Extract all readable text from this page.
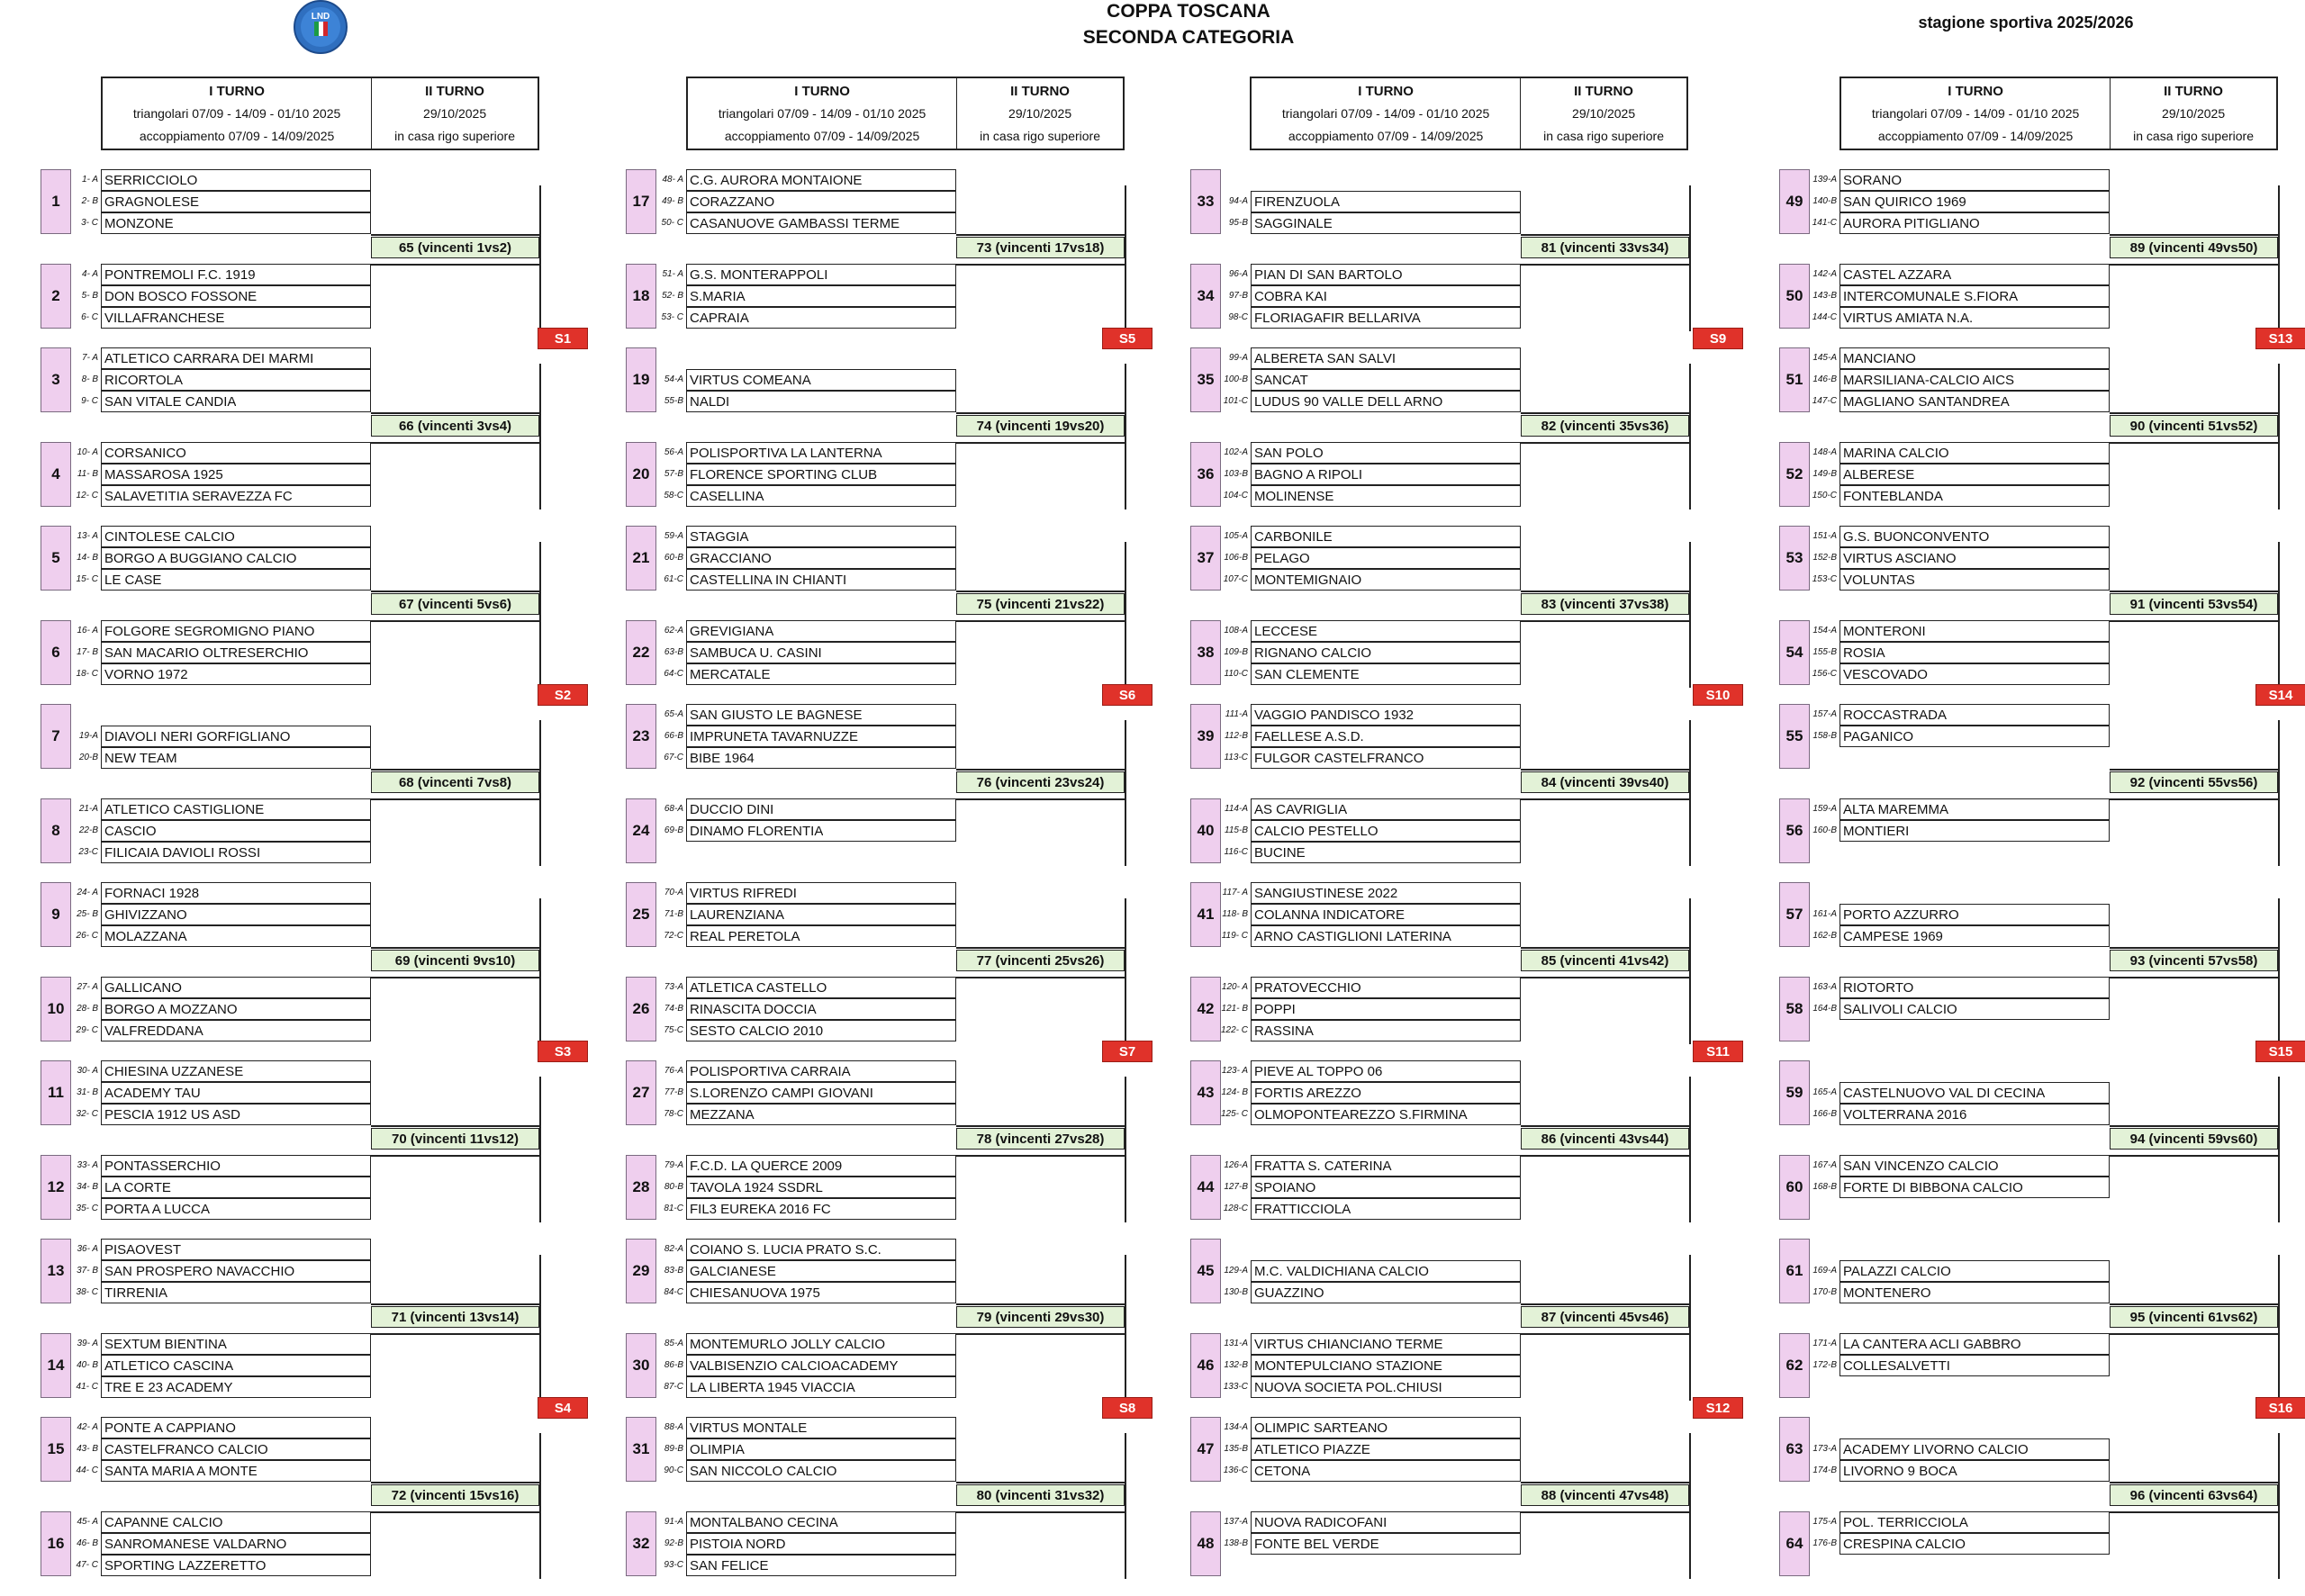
LND	COPPA TOSCANA
SECONDA CATEGORIA
stagione sportiva 2025/2026
I TURNO
triangolari 07/09 - 14/09 - 01/10 2025
accoppiamento 07/09 - 14/09/2025
II TURNO
29/10/2025
in casa rigo superiore
1
1- A SERRICCIOLO
2- B GRAGNOLESE
3- C MONZONE
2
4- A PONTREMOLI F.C. 1919
5- B DON BOSCO FOSSONE
6- C VILLAFRANCHESE
3
7- A ATLETICO CARRARA DEI MARMI
8- B RICORTOLA
9- C SAN VITALE CANDIA
4
10- A CORSANICO
11- B MASSAROSA 1925
12- C SALAVETITIA SERAVEZZA FC
5
13- A CINTOLESE CALCIO
14- B BORGO A BUGGIANO CALCIO
15- C LE CASE
6
16- A FOLGORE SEGROMIGNO PIANO
17- B SAN MACARIO OLTRESERCHIO
18- C VORNO 1972
7	19-A DIAVOLI NERI GORFIGLIANO
20-B NEW TEAM
8
21-A ATLETICO CASTIGLIONE
22-B CASCIO
23-C FILICAIA DAVIOLI ROSSI
9
24- A FORNACI 1928
25- B GHIVIZZANO
26- C MOLAZZANA
10
27- A GALLICANO
28- B BORGO A MOZZANO
29- C VALFREDDANA
11
30- A CHIESINA UZZANESE
31- B ACADEMY TAU
32- C PESCIA 1912 US ASD
12
33- A PONTASSERCHIO
34- B LA CORTE
35- C PORTA A LUCCA
13
36- A PISAOVEST
37- B SAN PROSPERO NAVACCHIO
38- C TIRRENIA
14
39- A SEXTUM BIENTINA
40- B ATLETICO CASCINA
41- C TRE E 23 ACADEMY
15
42- A PONTE A CAPPIANO
43- B CASTELFRANCO CALCIO
44- C SANTA MARIA A MONTE
16
45- A CAPANNE CALCIO
46- B SANROMANESE VALDARNO
47- C SPORTING LAZZERETTO
65 (vincenti 1vs2)
66 (vincenti 3vs4)
67 (vincenti 5vs6)
68 (vincenti 7vs8)
69 (vincenti 9vs10)
70 (vincenti 11vs12)
71 (vincenti 13vs14)
72 (vincenti 15vs16)
S1
S2
S3
S4
I TURNO
triangolari 07/09 - 14/09 - 01/10 2025
accoppiamento 07/09 - 14/09/2025
II TURNO
29/10/2025
in casa rigo superiore
17
48- A C.G. AURORA MONTAIONE
49- B CORAZZANO
50- C CASANUOVE GAMBASSI TERME
18
51- A G.S. MONTERAPPOLI
52- B S.MARIA
53- C CAPRAIA
19	54-A VIRTUS COMEANA
55-B NALDI
20
56-A POLISPORTIVA LA LANTERNA
57-B FLORENCE SPORTING CLUB
58-C CASELLINA
21
59-A STAGGIA
60-B GRACCIANO
61-C CASTELLINA IN CHIANTI
22
62-A GREVIGIANA
63-B SAMBUCA U. CASINI
64-C MERCATALE
23
65-A SAN GIUSTO LE BAGNESE
66-B IMPRUNETA TAVARNUZZE
67-C BIBE 1964
24
68-A DUCCIO DINI
69-B DINAMO FLORENTIA
25
70-A VIRTUS RIFREDI
71-B LAURENZIANA
72-C REAL PERETOLA
26
73-A ATLETICA CASTELLO
74-B RINASCITA DOCCIA
75-C SESTO CALCIO 2010
27
76-A POLISPORTIVA CARRAIA
77-B S.LORENZO CAMPI GIOVANI
78-C MEZZANA
28
79-A F.C.D. LA QUERCE 2009
80-B TAVOLA 1924 SSDRL
81-C FIL3 EUREKA 2016 FC
29
82-A COIANO S. LUCIA PRATO S.C.
83-B GALCIANESE
84-C CHIESANUOVA 1975
30
85-A MONTEMURLO JOLLY CALCIO
86-B VALBISENZIO CALCIOACADEMY
87-C LA LIBERTA 1945 VIACCIA
31
88-A VIRTUS MONTALE
89-B OLIMPIA
90-C SAN NICCOLO CALCIO
32
91-A MONTALBANO CECINA
92-B PISTOIA NORD
93-C SAN FELICE
73 (vincenti 17vs18)
74 (vincenti 19vs20)
75 (vincenti 21vs22)
76 (vincenti 23vs24)
77 (vincenti 25vs26)
78 (vincenti 27vs28)
79 (vincenti 29vs30)
80 (vincenti 31vs32)
S5
S6
S7
S8
I TURNO
triangolari 07/09 - 14/09 - 01/10 2025
accoppiamento 07/09 - 14/09/2025
II TURNO
29/10/2025
in casa rigo superiore
33	94-A FIRENZUOLA
95-B SAGGINALE
34
96-A PIAN DI SAN BARTOLO
97-B COBRA KAI
98-C FLORIAGAFIR BELLARIVA
35
99-A ALBERETA SAN SALVI
100-B SANCAT
101-C LUDUS 90 VALLE DELL ARNO
36
102-A SAN POLO
103-B BAGNO A RIPOLI
104-C MOLINENSE
37
105-A CARBONILE
106-B PELAGO
107-C MONTEMIGNAIO
38
108-A LECCESE
109-B RIGNANO CALCIO
110-C SAN CLEMENTE
39
111-A VAGGIO PANDISCO 1932
112-B FAELLESE A.S.D.
113-C FULGOR CASTELFRANCO
40
114-A AS CAVRIGLIA
115-B CALCIO PESTELLO
116-C BUCINE
41
117- A SANGIUSTINESE 2022
118- B COLANNA INDICATORE
119- C ARNO CASTIGLIONI LATERINA
42
120- A PRATOVECCHIO
121- B POPPI
122- C RASSINA
43
123- A PIEVE AL TOPPO 06
124- B FORTIS AREZZO
125- C OLMOPONTEAREZZO S.FIRMINA
44
126-A FRATTA S. CATERINA
127-B SPOIANO
128-C FRATTICCIOLA
45	129-A M.C. VALDICHIANA CALCIO
130-B GUAZZINO
46
131-A VIRTUS CHIANCIANO TERME
132-B MONTEPULCIANO STAZIONE
133-C NUOVA SOCIETA POL.CHIUSI
47
134-A OLIMPIC SARTEANO
135-B ATLETICO PIAZZE
136-C CETONA
48
137-A NUOVA RADICOFANI
138-B FONTE BEL VERDE
81 (vincenti 33vs34)
82 (vincenti 35vs36)
83 (vincenti 37vs38)
84 (vincenti 39vs40)
85 (vincenti 41vs42)
86 (vincenti 43vs44)
87 (vincenti 45vs46)
88 (vincenti 47vs48)
S9
S10
S11
S12
I TURNO
triangolari 07/09 - 14/09 - 01/10 2025
accoppiamento 07/09 - 14/09/2025
II TURNO
29/10/2025
in casa rigo superiore
49
139-A SORANO
140-B SAN QUIRICO 1969
141-C AURORA PITIGLIANO
50
142-A CASTEL AZZARA
143-B INTERCOMUNALE S.FIORA
144-C VIRTUS AMIATA N.A.
51
145-A MANCIANO
146-B MARSILIANA-CALCIO AICS
147-C MAGLIANO SANTANDREA
52
148-A MARINA CALCIO
149-B ALBERESE
150-C FONTEBLANDA
53
151-A G.S. BUONCONVENTO
152-B VIRTUS ASCIANO
153-C VOLUNTAS
54
154-A MONTERONI
155-B ROSIA
156-C VESCOVADO
55
157-A ROCCASTRADA
158-B PAGANICO
56
159-A ALTA MAREMMA
160-B MONTIERI
57	161-A PORTO AZZURRO
162-B CAMPESE 1969
58
163-A RIOTORTO
164-B SALIVOLI CALCIO
59	165-A CASTELNUOVO VAL DI CECINA
166-B VOLTERRANA 2016
60
167-A SAN VINCENZO CALCIO
168-B FORTE DI BIBBONA CALCIO
61	169-A PALAZZI CALCIO
170-B MONTENERO
62
171-A LA CANTERA ACLI GABBRO
172-B COLLESALVETTI
63	173-A ACADEMY LIVORNO CALCIO
174-B LIVORNO 9 BOCA
64
175-A POL. TERRICCIOLA
176-B CRESPINA CALCIO
89 (vincenti 49vs50)
90 (vincenti 51vs52)
91 (vincenti 53vs54)
92 (vincenti 55vs56)
93 (vincenti 57vs58)
94 (vincenti 59vs60)
95 (vincenti 61vs62)
96 (vincenti 63vs64)
S13
S14
S15
S16
